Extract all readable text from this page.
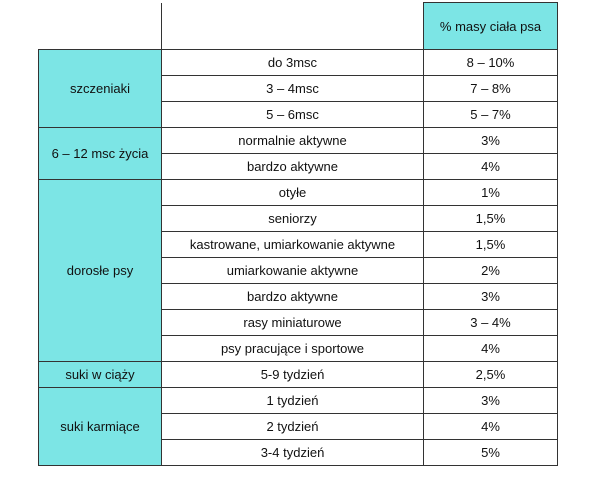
		% masy ciała psa
szczeniaki	do 3msc	8 – 10%
	3 – 4msc	7 – 8%
	5 – 6msc	5 – 7%
6 – 12 msc życia	normalnie aktywne	3%
	bardzo aktywne	4%
dorosłe psy	otyłe	1%
	seniorzy	1,5%
	kastrowane, umiarkowanie aktywne	1,5%
	umiarkowanie aktywne	2%
	bardzo aktywne	3%
	rasy miniaturowe	3 – 4%
	psy pracujące i sportowe	4%
suki w ciąży	5-9 tydzień	2,5%
suki karmiące	1 tydzień	3%
	2 tydzień	4%
	3-4 tydzień	5%
